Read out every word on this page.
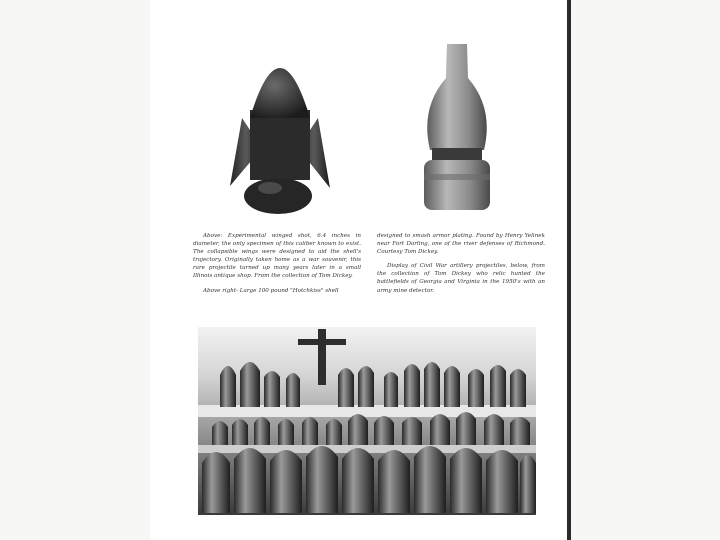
Above: Experimental winged shot, 6.4 inches in diameter, the only specimen of this caliber known to exist. The collapsible wings were designed to aid the shell's trajectory. Originally taken home as a war souvenir, this rare projectile turned up many years later in a small Illinois antique shop. From the collection of Tom Dickey.

Above right- Large 100 pound "Hotchkiss" shell

designed to smash armor plating. Found by Henry Yelinek near Fort Darling, one of the river defenses of Richmond. Courtesy Tom Dickey.

Display of Civil War artillery projectiles, below, from the collection of Tom Dickey who relic hunted the battlefields of Georgia and Virginia in the 1950's with an army mine detector.
